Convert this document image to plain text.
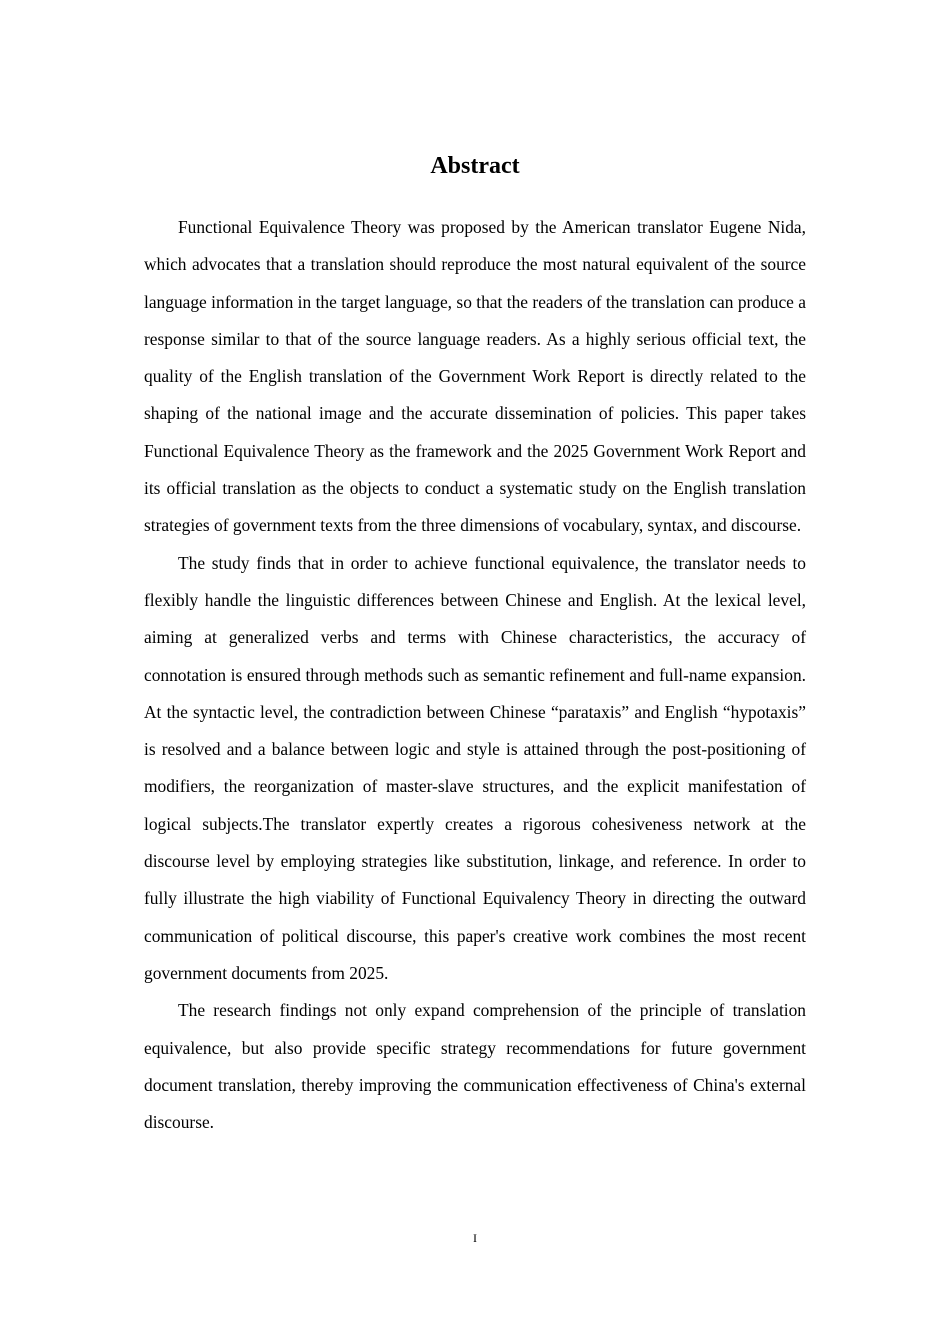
Abstract

Functional Equivalence Theory was proposed by the American translator Eugene Nida, which advocates that a translation should reproduce the most natural equivalent of the source language information in the target language, so that the readers of the translation can produce a response similar to that of the source language readers. As a highly serious official text, the quality of the English translation of the Government Work Report is directly related to the shaping of the national image and the accurate dissemination of policies. This paper takes Functional Equivalence Theory as the framework and the 2025 Government Work Report and its official translation as the objects to conduct a systematic study on the English translation strategies of government texts from the three dimensions of vocabulary, syntax, and discourse.

The study finds that in order to achieve functional equivalence, the translator needs to flexibly handle the linguistic differences between Chinese and English. At the lexical level, aiming at generalized verbs and terms with Chinese characteristics, the accuracy of connotation is ensured through methods such as semantic refinement and full-name expansion. At the syntactic level, the contradiction between Chinese “parataxis” and English “hypotaxis” is resolved and a balance between logic and style is attained through the post-positioning of modifiers, the reorganization of master-slave structures, and the explicit manifestation of logical subjects.The translator expertly creates a rigorous cohesiveness network at the discourse level by employing strategies like substitution, linkage, and reference. In order to fully illustrate the high viability of Functional Equivalency Theory in directing the outward communication of political discourse, this paper's creative work combines the most recent government documents from 2025.

The research findings not only expand comprehension of the principle of translation equivalence, but also provide specific strategy recommendations for future government document translation, thereby improving the communication effectiveness of China's external discourse.

I
